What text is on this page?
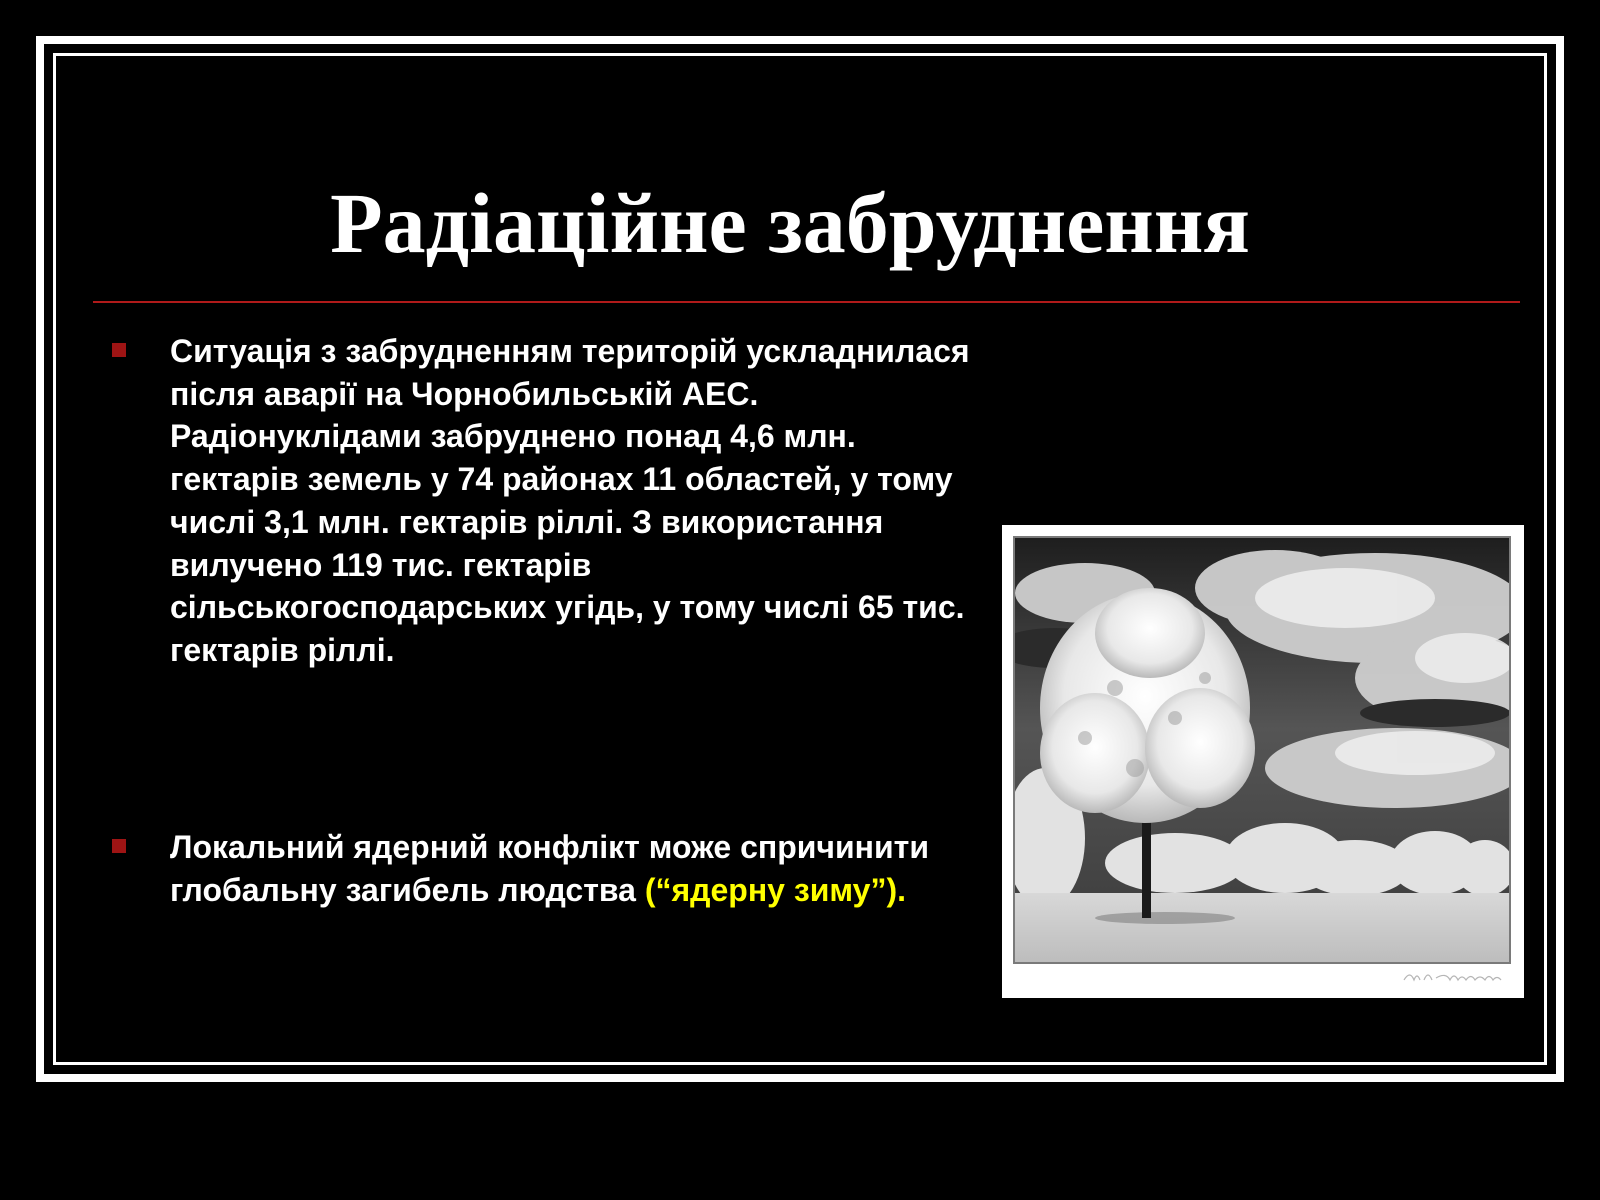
Радіаційне забруднення

Ситуація з забрудненням територій ускладнилася після аварії на Чорнобильській АЕС. Радіонуклідами забруднено понад 4,6 млн. гектарів земель у 74 районах 11 областей, у тому числі 3,1 млн. гектарів ріллі. З використання вилучено 119 тис. гектарів сільськогосподарських угідь, у тому числі 65 тис. гектарів ріллі.

Локальний ядерний конфлікт може спричинити глобальну загибель людства (“ядерну зиму”).
